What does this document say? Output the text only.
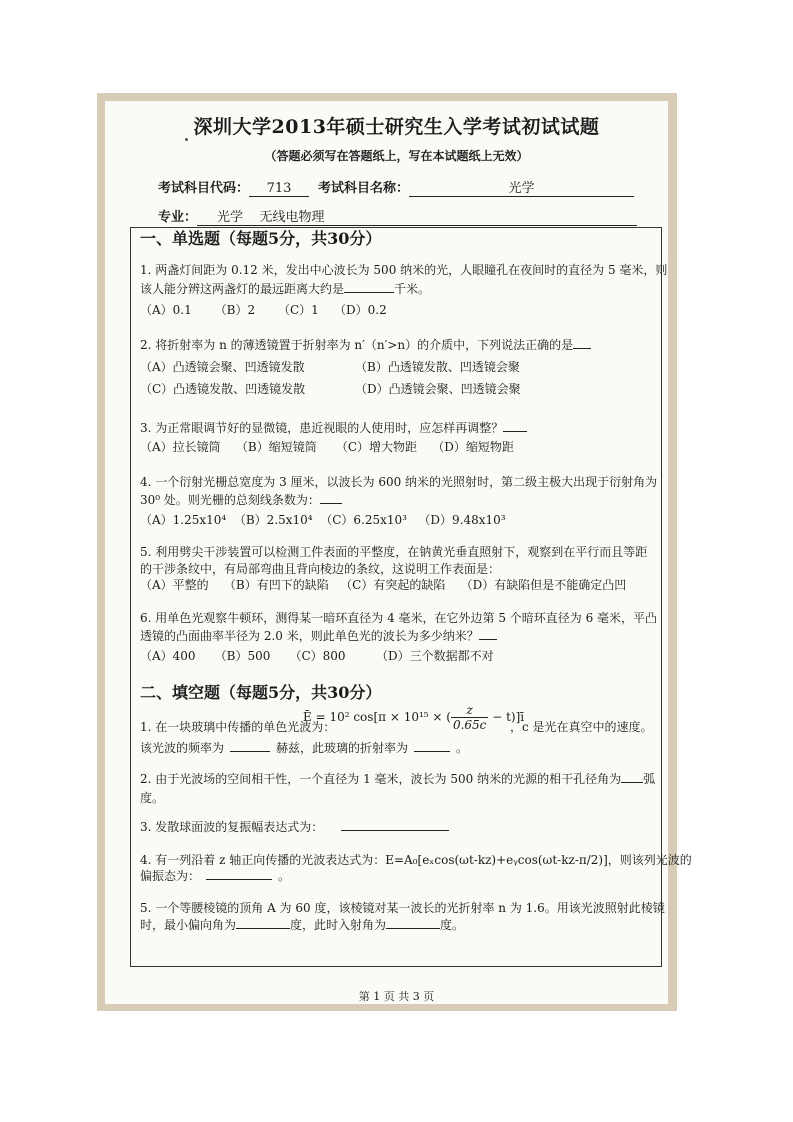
深圳大学2013年硕士研究生入学考试初试试题
（答题必须写在答题纸上，写在本试题纸上无效）
考试科目代码： 713	考试科目名称：	光学
专业： 光学    无线电物理
一、单选题（每题5分，共30分）
1. 两盏灯间距为 0.12 米，发出中心波长为 500 纳米的光，人眼瞳孔在夜间时的直径为 5 毫米，则
该人能分辨这两盏灯的最远距离大约是	千米。
（A）0.1      （B）2      （C）1    （D）0.2
2. 将折射率为 n 的薄透镜置于折射率为 n′（n′>n）的介质中，下列说法正确的是
（A）凸透镜会聚、凹透镜发散	（B）凸透镜发散、凹透镜会聚
（C）凸透镜发散、凹透镜发散	（D）凸透镜会聚、凹透镜会聚
3. 为正常眼调节好的显微镜，患近视眼的人使用时，应怎样再调整？
（A）拉长镜筒    （B）缩短镜筒     （C）增大物距    （D）缩短物距
4. 一个衍射光栅总宽度为 3 厘米，以波长为 600 纳米的光照射时，第二级主极大出现于衍射角为
30⁰ 处。则光栅的总刻线条数为：
（A）1.25x10⁴  （B）2.5x10⁴  （C）6.25x10³   （D）9.48x10³
5. 利用劈尖干涉装置可以检测工件表面的平整度，在钠黄光垂直照射下，观察到在平行而且等距
的干涉条纹中，有局部弯曲且背向棱边的条纹，这说明工作表面是：
（A）平整的    （B）有凹下的缺陷   （C）有突起的缺陷    （D）有缺陷但是不能确定凸凹
6. 用单色光观察牛顿环，测得某一暗环直径为 4 毫米，在它外边第 5 个暗环直径为 6 毫米，平凸
透镜的凸面曲率半径为 2.0 米，则此单色光的波长为多少纳米？
（A）400     （B）500     （C）800        （D）三个数据都不对
二、填空题（每题5分，共30分）
Ē = 10² cos[π × 10¹⁵ × ( $\frac{z}{0.65c}$ − t)]ī
1. 在一块玻璃中传播的单色光波为：	，c 是光在真空中的速度。
该光波的频率为	赫兹，此玻璃的折射率为	。
2. 由于光波场的空间相干性，一个直径为 1 毫米，波长为 500 纳米的光源的相干孔径角为 弧
度。
3. 发散球面波的复振幅表达式为：
4. 有一列沿着 z 轴正向传播的光波表达式为：E=A₀[eₓcos(ωt-kz)+eᵧcos(ωt-kz-π/2)]，则该列光波的
偏振态为：	。
5. 一个等腰棱镜的顶角 A 为 60 度，该棱镜对某一波长的光折射率 n 为 1.6。用该光波照射此棱镜
时，最小偏向角为	度，此时入射角为	度。
第 1 页 共 3 页
